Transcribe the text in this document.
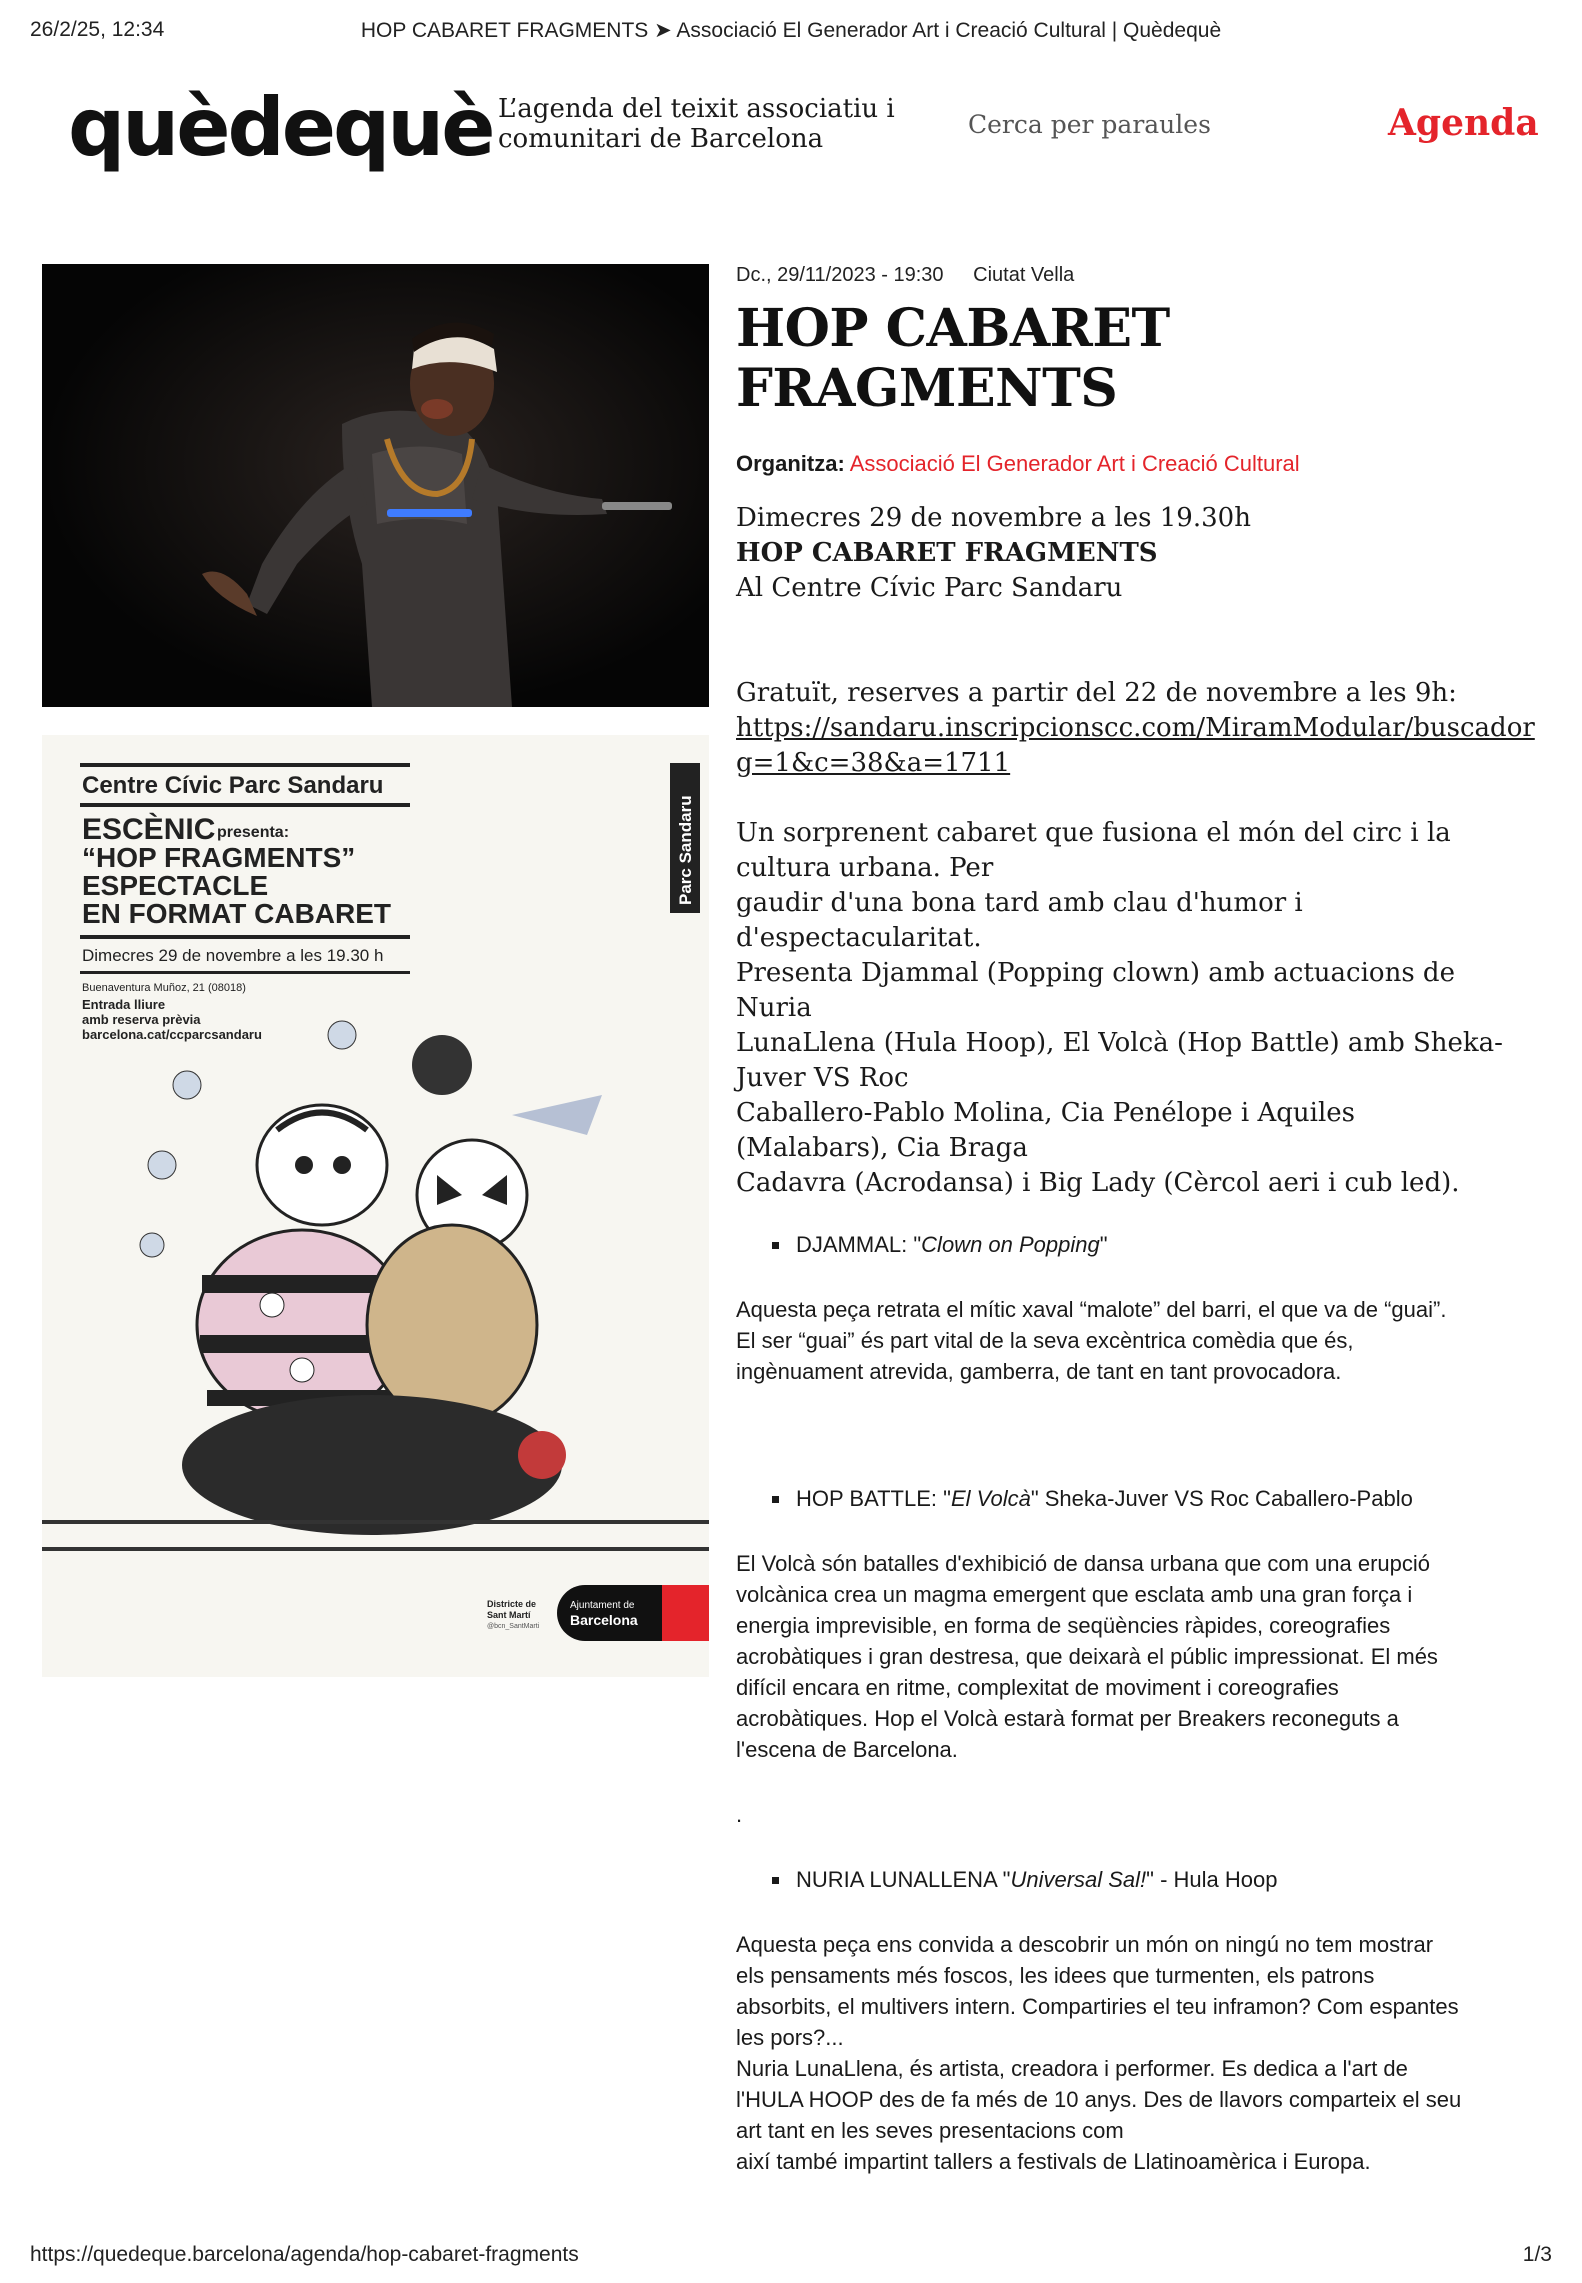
26/2/25, 12:34	HOP CABARET FRAGMENTS ➤ Associació El Generador Art i Creació Cultural | Quèdequè
quèdequè L’agenda del teixit associatiu i
comunitari de Barcelona
Cerca per paraules	Agenda
Centre Cívic Parc Sandaru
ESCÈNIC presenta:
“HOP FRAGMENTS”
ESPECTACLE
EN FORMAT CABARET
Dimecres 29 de novembre a les 19.30 h
Buenaventura Muñoz, 21 (08018)
Entrada lliure
amb reserva prèvia
barcelona.cat/ccparcsandaru
Parc Sandaru
Districte de
Sant Martí
@bcn_SantMarti
Ajuntament de
Barcelona
Dc., 29/11/2023 - 19:30 Ciutat Vella
HOP CABARET
FRAGMENTS
Organitza: Associació El Generador Art i Creació Cultural
Dimecres 29 de novembre a les 19.30h
HOP CABARET FRAGMENTS
Al Centre Cívic Parc Sandaru
Gratuït, reserves a partir del 22 de novembre a les 9h:
https://sandaru.inscripcionscc.com/MiramModular/buscadorg=1&c=38&a=1711
Un sorprenent cabaret que fusiona el món del circ i la
cultura urbana. Per
gaudir d'una bona tard amb clau d'humor i
d'espectacularitat.
Presenta Djammal (Popping clown) amb actuacions de
Nuria
LunaLlena (Hula Hoop), El Volcà (Hop Battle) amb Sheka-
Juver VS Roc
Caballero-Pablo Molina, Cia Penélope i Aquiles
(Malabars), Cia Braga
Cadavra (Acrodansa) i Big Lady (Cèrcol aeri i cub led).
▪ DJAMMAL: "Clown on Popping"
Aquesta peça retrata el mític xaval “malote” del barri, el que va de “guai”.
El ser “guai” és part vital de la seva excèntrica comèdia que és,
ingènuament atrevida, gamberra, de tant en tant provocadora.
▪ HOP BATTLE: "El Volcà" Sheka-Juver VS Roc Caballero-Pablo
El Volcà són batalles d'exhibició de dansa urbana que com una erupció
volcànica crea un magma emergent que esclata amb una gran força i
energia imprevisible, en forma de seqüències ràpides, coreografies
acrobàtiques i gran destresa, que deixarà el públic impressionat. El més
difícil encara en ritme, complexitat de moviment i coreografies
acrobàtiques. Hop el Volcà estarà format per Breakers reconeguts a
l'escena de Barcelona.
.
▪ NURIA LUNALLENA "Universal Sal!" - Hula Hoop
Aquesta peça ens convida a descobrir un món on ningú no tem mostrar
els pensaments més foscos, les idees que turmenten, els patrons
absorbits, el multivers intern. Compartiries el teu inframon? Com espantes
les pors?...
Nuria LunaLlena, és artista, creadora i performer. Es dedica a l'art de
l'HULA HOOP des de fa més de 10 anys. Des de llavors comparteix el seu
art tant en les seves presentacions com
així també impartint tallers a festivals de Llatinoamèrica i Europa.
https://quedeque.barcelona/agenda/hop-cabaret-fragments	1/3
